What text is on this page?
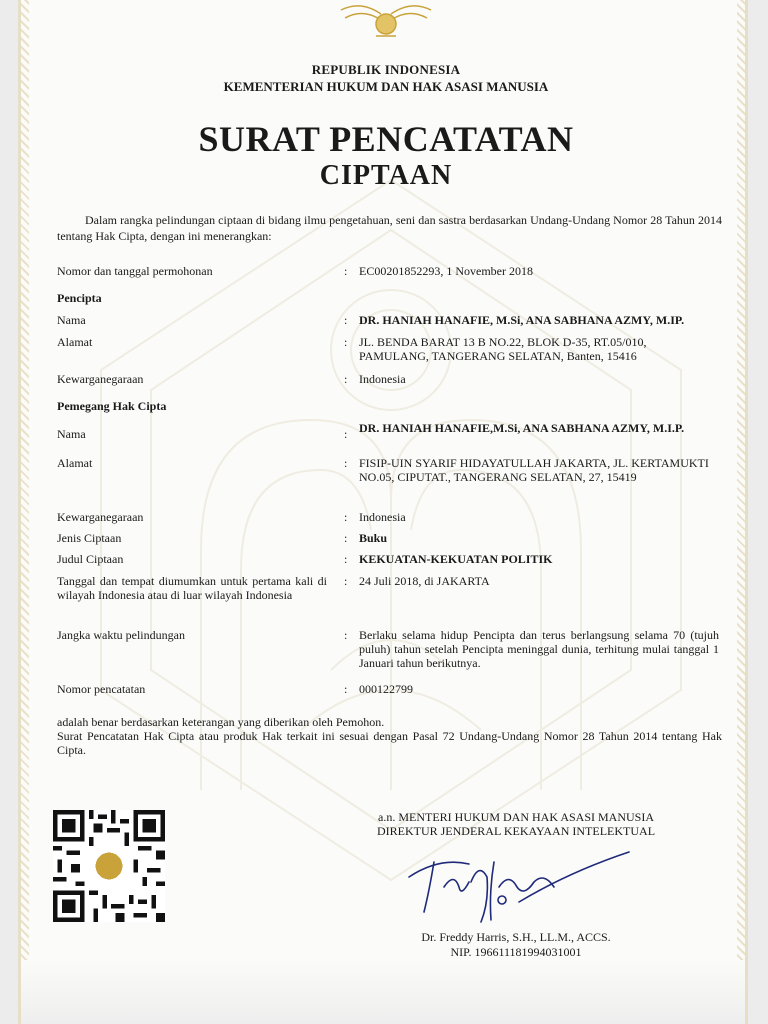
REPUBLIK INDONESIA
KEMENTERIAN HUKUM DAN HAK ASASI MANUSIA
SURAT PENCATATAN
CIPTAAN
Dalam rangka pelindungan ciptaan di bidang ilmu pengetahuan, seni dan sastra berdasarkan Undang-Undang Nomor 28 Tahun 2014 tentang Hak Cipta, dengan ini menerangkan:
Nomor dan tanggal permohonan	: EC00201852293, 1 November 2018
Pencipta
Nama	: DR. HANIAH HANAFIE, M.Si, ANA SABHANA AZMY, M.IP.
Alamat	: JL. BENDA BARAT 13 B NO.22, BLOK D-35, RT.05/010, PAMULANG, TANGERANG SELATAN, Banten, 15416
Kewarganegaraan	: Indonesia
Pemegang Hak Cipta
Nama	: DR. HANIAH HANAFIE,M.Si, ANA SABHANA AZMY, M.I.P.
Alamat	: FISIP-UIN SYARIF HIDAYATULLAH JAKARTA, JL. KERTAMUKTI NO.05, CIPUTAT., TANGERANG SELATAN, 27, 15419
Kewarganegaraan	: Indonesia
Jenis Ciptaan	: Buku
Judul Ciptaan	: KEKUATAN-KEKUATAN POLITIK
Tanggal dan tempat diumumkan untuk pertama kali di wilayah Indonesia atau di luar wilayah Indonesia
: 24 Juli 2018, di JAKARTA
Jangka waktu pelindungan	: Berlaku selama hidup Pencipta dan terus berlangsung selama 70 (tujuh puluh) tahun setelah Pencipta meninggal dunia, terhitung mulai tanggal 1 Januari tahun berikutnya.
Nomor pencatatan	: 000122799
adalah benar berdasarkan keterangan yang diberikan oleh Pemohon.
Surat Pencatatan Hak Cipta atau produk Hak terkait ini sesuai dengan Pasal 72 Undang-Undang Nomor 28 Tahun 2014 tentang Hak Cipta.
a.n. MENTERI HUKUM DAN HAK ASASI MANUSIA
DIREKTUR JENDERAL KEKAYAAN INTELEKTUAL
Dr. Freddy Harris, S.H., LL.M., ACCS.
NIP. 196611181994031001
